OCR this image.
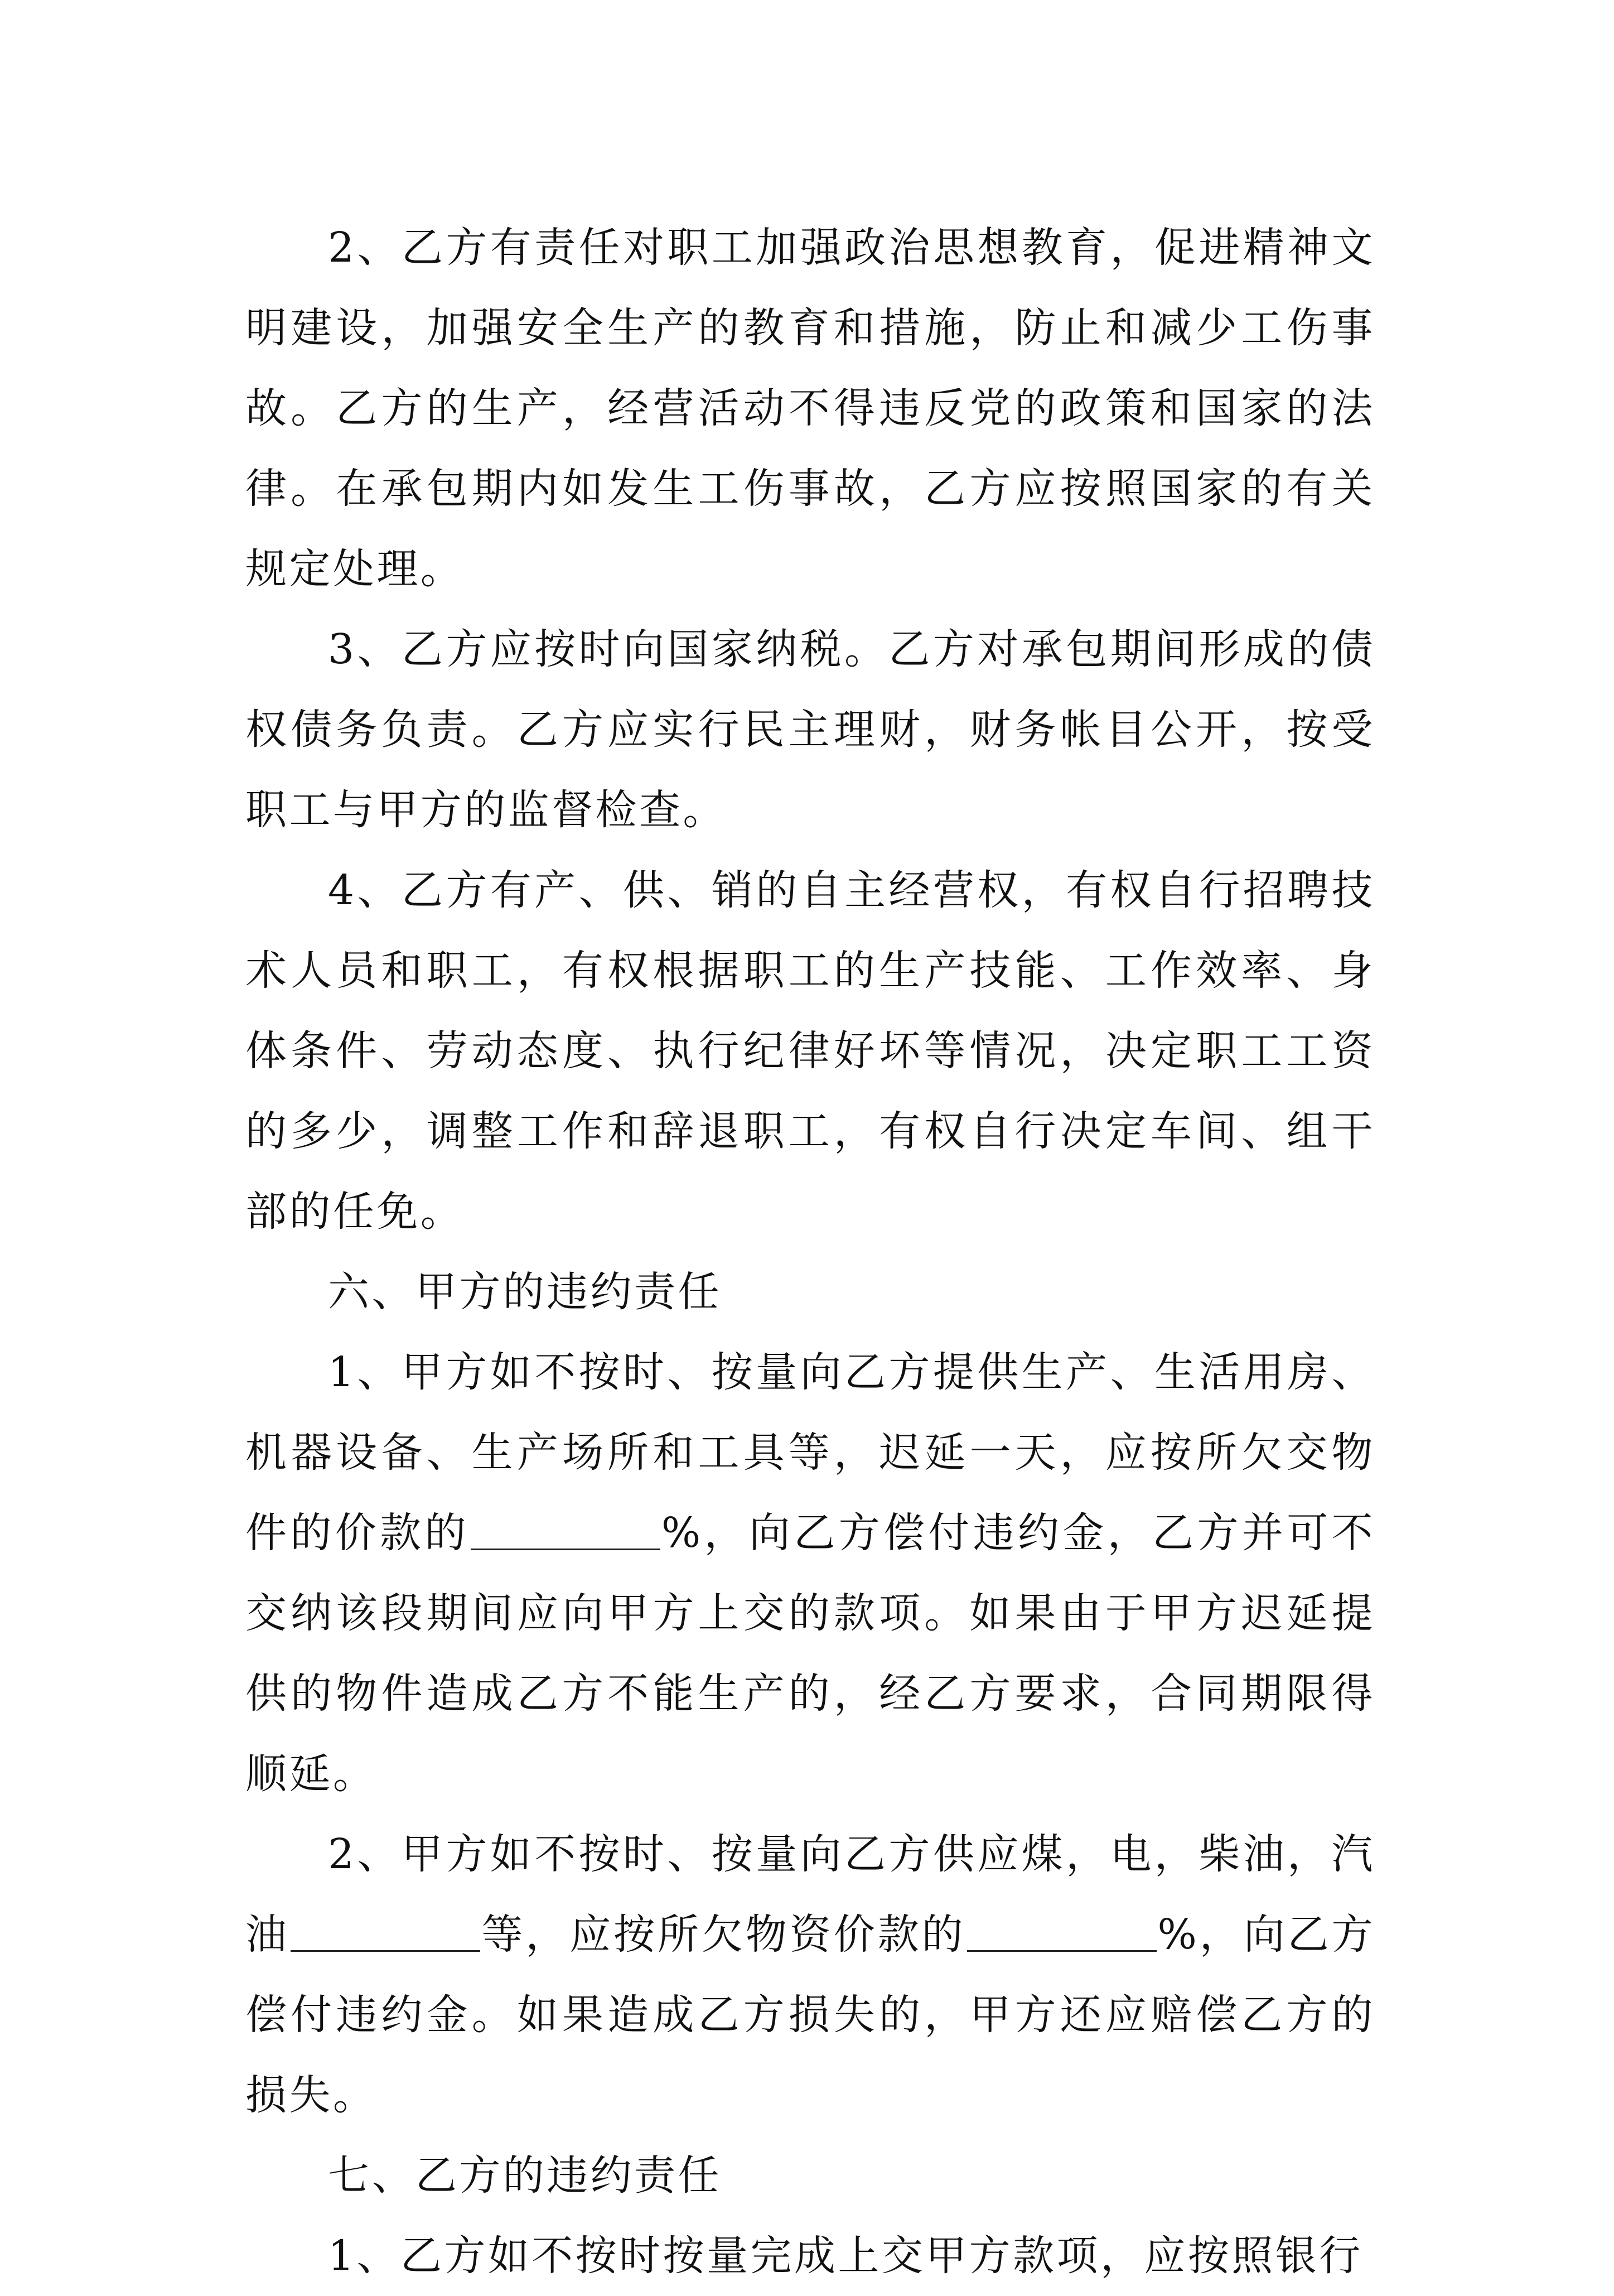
2、乙方有责任对职工加强政治思想教育，促进精神文明建设，加强安全生产的教育和措施，防止和减少工伤事故。乙方的生产，经营活动不得违反党的政策和国家的法律。在承包期内如发生工伤事故，乙方应按照国家的有关规定处理。

3、乙方应按时向国家纳税。乙方对承包期间形成的债权债务负责。乙方应实行民主理财，财务帐目公开，按受职工与甲方的监督检查。

4、乙方有产、供、销的自主经营权，有权自行招聘技术人员和职工，有权根据职工的生产技能、工作效率、身体条件、劳动态度、执行纪律好坏等情况，决定职工工资的多少，调整工作和辞退职工，有权自行决定车间、组干部的任免。

六、甲方的违约责任

1、甲方如不按时、按量向乙方提供生产、生活用房、机器设备、生产场所和工具等，迟延一天，应按所欠交物件的价款的	%，向乙方偿付违约金，乙方并可不交纳该段期间应向甲方上交的款项。如果由于甲方迟延提供的物件造成乙方不能生产的，经乙方要求，合同期限得顺延。

2、甲方如不按时、按量向乙方供应煤，电，柴油，汽油	等，应按所欠物资价款的	%，向乙方偿付违约金。如果造成乙方损失的，甲方还应赔偿乙方的损失。

七、乙方的违约责任

1、乙方如不按时按量完成上交甲方款项，应按照银行
